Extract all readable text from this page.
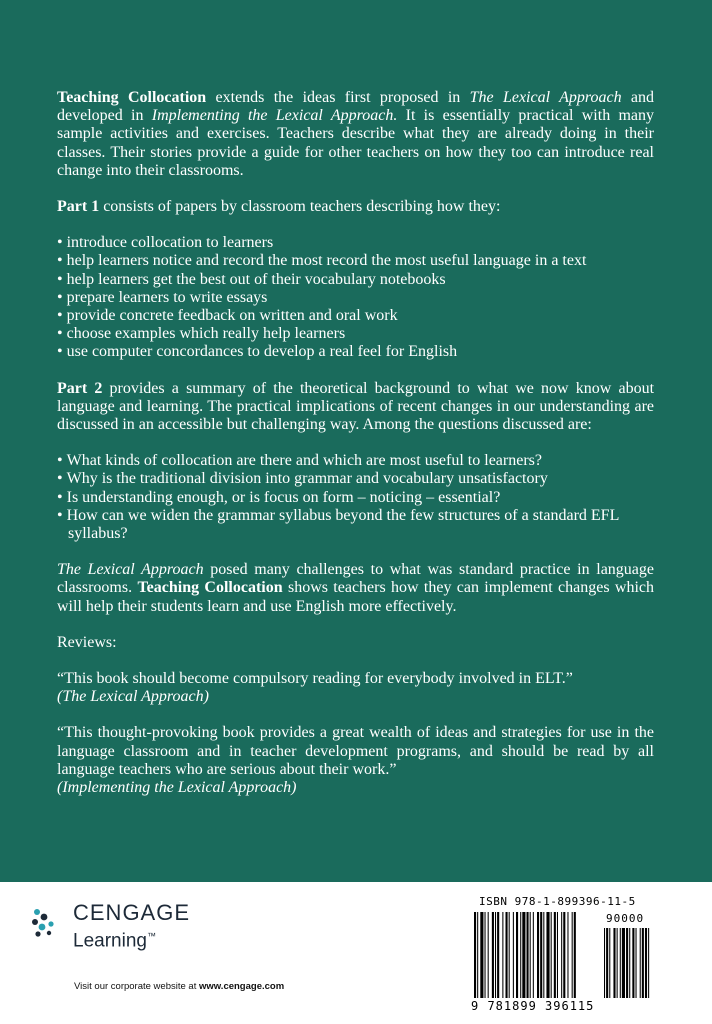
Teaching Collocation extends the ideas first proposed in The Lexical Approach and developed in Implementing the Lexical Approach. It is essentially practical with many sample activities and exercises. Teachers describe what they are already doing in their classes. Their stories provide a guide for other teachers on how they too can introduce real change into their classrooms.

Part 1 consists of papers by classroom teachers describing how they:

• introduce collocation to learners
• help learners notice and record the most record the most useful language in a text
• help learners get the best out of their vocabulary notebooks
• prepare learners to write essays
• provide concrete feedback on written and oral work
• choose examples which really help learners
• use computer concordances to develop a real feel for English

Part 2 provides a summary of the theoretical background to what we now know about language and learning. The practical implications of recent changes in our understanding are discussed in an accessible but challenging way. Among the questions discussed are:

• What kinds of collocation are there and which are most useful to learners?
• Why is the traditional division into grammar and vocabulary unsatisfactory
• Is understanding enough, or is focus on form – noticing – essential?
• How can we widen the grammar syllabus beyond the few structures of a standard EFL syllabus?

The Lexical Approach posed many challenges to what was standard practice in language classrooms. Teaching Collocation shows teachers how they can implement changes which will help their students learn and use English more effectively.

Reviews:

“This book should become compulsory reading for everybody involved in ELT.”
(The Lexical Approach)

“This thought-provoking book provides a great wealth of ideas and strategies for use in the language classroom and in teacher development programs, and should be read by all language teachers who are serious about their work.”
(Implementing the Lexical Approach)

CENGAGE
Learning™
Visit our corporate website at www.cengage.com
ISBN 978-1-899396-11-5
90000
9 781899 396115
